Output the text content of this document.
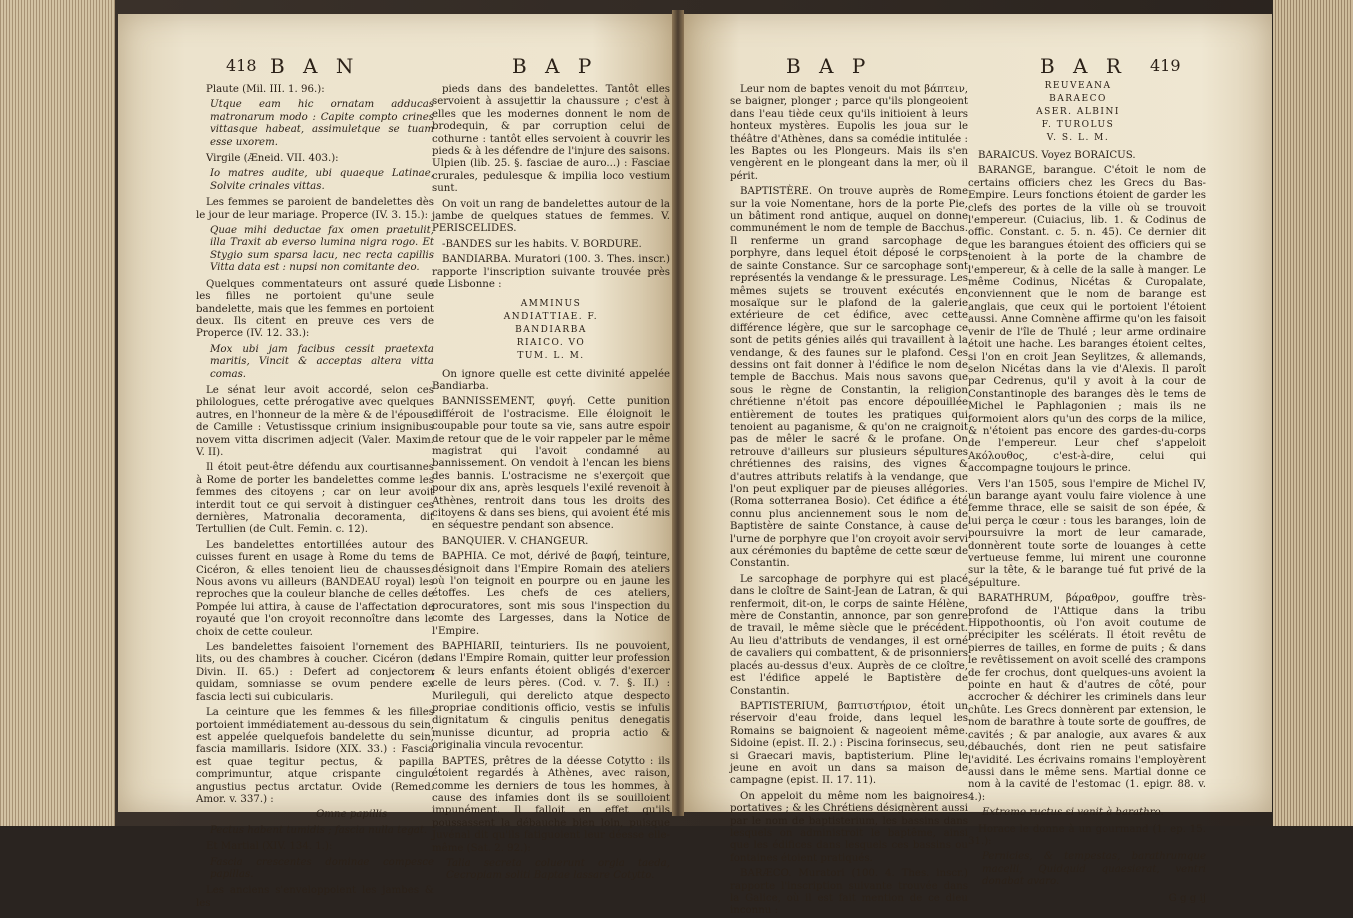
418 B A N	B A P	B A P	B A R 419

Plaute (Mil. III. 1. 96.):

Utque eam hic ornatam adducas matronarum modo : Capite compto crines vittasque habeat, assimuletque se tuam esse uxorem.

Virgile (Æneid. VII. 403.):

Io matres audite, ubi quaeque Latinae, Solvite crinales vittas.

Les femmes se paroient de bandelettes dès le jour de leur mariage. Properce (IV. 3. 15.):

Quae mihi deductae fax omen praetulit, illa Traxit ab everso lumina nigra rogo. Et Stygio sum sparsa lacu, nec recta capillis Vitta data est : nupsi non comitante deo.

Quelques commentateurs ont assuré que les filles ne portoient qu'une seule bandelette, mais que les femmes en portoient deux. Ils citent en preuve ces vers de Properce (IV. 12. 33.):

Mox ubi jam facibus cessit praetexta maritis, Vincit & acceptas altera vitta comas.

Le sénat leur avoit accordé, selon ces philologues, cette prérogative avec quelques autres, en l'honneur de la mère & de l'épouse de Camille : Vetustissque crinium insignibus novem vitta discrimen adjecit (Valer. Maxim. V. II).

Il étoit peut-être défendu aux courtisannes à Rome de porter les bandelettes comme les femmes des citoyens ; car on leur avoit interdit tout ce qui servoit à distinguer ces dernières, Matronalia decoramenta, dit Tertullien (de Cult. Femin. c. 12).

Les bandelettes entortillées autour des cuisses furent en usage à Rome du tems de Cicéron, & elles tenoient lieu de chausses. Nous avons vu ailleurs (BANDEAU royal) les reproches que la couleur blanche de celles de Pompée lui attira, à cause de l'affectation de royauté que l'on croyoit reconnoître dans le choix de cette couleur.

Les bandelettes faisoient l'ornement des lits, ou des chambres à coucher. Cicéron (de Divin. II. 65.) : Defert ad conjectorem quidam, somniasse se ovum pendere ex fascia lecti sui cubicularis.

La ceinture que les femmes & les filles portoient immédiatement au-dessous du sein, est appelée quelquefois bandelette du sein, fascia mamillaris. Isidore (XIX. 33.) : Fascia est quae tegitur pectus, & papilla comprimuntur, atque crispante cingulo angustius pectus arctatur. Ovide (Remed. Amor. v. 337.) :

Omne papillis

Pectus habent tumidis ; fascia nulla tegat.

Et Martial (XIV. 134. 1.):

Fascia crescentes dominae compesce papillas.

Les anciens s'enveloppoient les jambes & les

pieds dans des bandelettes. Tantôt elles servoient à assujettir la chaussure ; c'est à elles que les modernes donnent le nom de brodequin, & par corruption celui de cothurne : tantôt elles servoient à couvrir les pieds & à les défendre de l'injure des saisons. Ulpien (lib. 25. §. fasciae de auro...) : Fasciae crurales, pedulesque & impilia loco vestium sunt.

On voit un rang de bandelettes autour de la jambe de quelques statues de femmes. V. PERISCELIDES.

-BANDES sur les habits. V. BORDURE.

BANDIARBA. Muratori (100. 3. Thes. inscr.) rapporte l'inscription suivante trouvée près de Lisbonne :

AMMINUS
ANDIATTIAE. F.
BANDIARBA
RIAICO. VO
TUM. L. M.

On ignore quelle est cette divinité appelée Bandiarba.

BANNISSEMENT, φυγή. Cette punition différoit de l'ostracisme. Elle éloignoit le coupable pour toute sa vie, sans autre espoir de retour que de le voir rappeler par le même magistrat qui l'avoit condamné au bannissement. On vendoit à l'encan les biens des bannis. L'ostracisme ne s'exerçoit que pour dix ans, après lesquels l'exilé revenoit à Athènes, rentroit dans tous les droits des citoyens & dans ses biens, qui avoient été mis en séquestre pendant son absence.

BANQUIER. V. CHANGEUR.

BAPHIA. Ce mot, dérivé de βαφή, teinture, désignoit dans l'Empire Romain des ateliers où l'on teignoit en pourpre ou en jaune les étoffes. Les chefs de ces ateliers, procuratores, sont mis sous l'inspection du comte des Largesses, dans la Notice de l'Empire.

BAPHIARII, teinturiers. Ils ne pouvoient, dans l'Empire Romain, quitter leur profession ; & leurs enfants étoient obligés d'exercer celle de leurs pères. (Cod. v. 7. §. II.) : Murileguli, qui derelicto atque despecto propriae conditionis officio, vestis se infulis dignitatum & cingulis penitus denegatis munisse dicuntur, ad propria actio & originalia vincula revocentur.

BAPTES, prêtres de la déesse Cotytto : ils étoient regardés à Athènes, avec raison, comme les derniers de tous les hommes, à cause des infamies dont ils se souilloient impunément. Il falloit en effet qu'ils poussassent la débauche bien loin, puisque Juvénal dit qu'ils fatiguoient leur déesse elle-même (Sat. 2. 92.):

Talia secreta coluerunt orgia taeda, Cecropiam soliti Baptae lassare Cotytto.

REUVEANA
BARAECO
ASER. ALBINI
F. TUROLUS
V. S. L. M.

Leur nom de baptes venoit du mot βάπτειν, se baigner, plonger ; parce qu'ils plongeoient dans l'eau tiède ceux qu'ils initioient à leurs honteux mystères. Eupolis les joua sur le théâtre d'Athènes, dans sa comédie intitulée : les Baptes ou les Plongeurs. Mais ils s'en vengèrent en le plongeant dans la mer, où il périt.

BAPTISTÈRE. On trouve auprès de Rome sur la voie Nomentane, hors de la porte Pie, un bâtiment rond antique, auquel on donne communément le nom de temple de Bacchus. Il renferme un grand sarcophage de porphyre, dans lequel étoit déposé le corps de sainte Constance. Sur ce sarcophage sont représentés la vendange & le pressurage. Les mêmes sujets se trouvent exécutés en mosaïque sur le plafond de la galerie extérieure de cet édifice, avec cette différence légère, que sur le sarcophage ce sont de petits génies ailés qui travaillent à la vendange, & des faunes sur le plafond. Ces dessins ont fait donner à l'édifice le nom de temple de Bacchus. Mais nous savons que sous le règne de Constantin, la religion chrétienne n'étoit pas encore dépouillée entièrement de toutes les pratiques qui tenoient au paganisme, & qu'on ne craignoit pas de mêler le sacré & le profane. On retrouve d'ailleurs sur plusieurs sépultures chrétiennes des raisins, des vignes & d'autres attributs relatifs à la vendange, que l'on peut expliquer par de pieuses allégories. (Roma sotterranea Bosio). Cet édifice a été connu plus anciennement sous le nom de Baptistère de sainte Constance, à cause de l'urne de porphyre que l'on croyoit avoir servi aux cérémonies du baptême de cette sœur de Constantin.

Le sarcophage de porphyre qui est placé dans le cloître de Saint-Jean de Latran, & qui renfermoit, dit-on, le corps de sainte Hélène, mère de Constantin, annonce, par son genre de travail, le même siècle que le précédent. Au lieu d'attributs de vendanges, il est orné de cavaliers qui combattent, & de prisonniers placés au-dessus d'eux. Auprès de ce cloître, est l'édifice appelé le Baptistère de Constantin.

BAPTISTERIUM, βαπτιστήριον, étoit un réservoir d'eau froide, dans lequel les Romains se baignoient & nageoient même. Sidoine (epist. II. 2.) : Piscina forinsecus, seu, si Graecari mavis, baptisterium. Pline le jeune en avoit un dans sa maison de campagne (epist. II. 17. 11).

On appeloit du même nom les baignoires portatives ; & les Chrétiens désignèrent aussi par le nom de baptisterium, les bassins dans lesquels on administroit le baptême, ainsi que les édifices dans lesquels ces bassins ou fontaines étoient pratiqués.

BARÆCO. Muratori (100. 4. Thes. inscr.) rapporte l'inscription suivante trouvée dans la Galice, où il est fait mention de ce dieu inconnu :

BARAICUS. Voyez BORAICUS.

BARANGE, barangue. C'étoit le nom de certains officiers chez les Grecs du Bas-Empire. Leurs fonctions étoient de garder les clefs des portes de la ville où se trouvoit l'empereur. (Cuiacius, lib. 1. & Codinus de offic. Constant. c. 5. n. 45). Ce dernier dit que les barangues étoient des officiers qui se tenoient à la porte de la chambre de l'empereur, & à celle de la salle à manger. Le même Codinus, Nicétas & Curopalate, conviennent que le nom de barange est anglais, que ceux qui le portoient l'étoient aussi. Anne Comnène affirme qu'on les faisoit venir de l'île de Thulé ; leur arme ordinaire étoit une hache. Les baranges étoient celtes, si l'on en croit Jean Seylitzes, & allemands, selon Nicétas dans la vie d'Alexis. Il paroît par Cedrenus, qu'il y avoit à la cour de Constantinople des baranges dès le tems de Michel le Paphlagonien ; mais ils ne formoient alors qu'un des corps de la milice, & n'étoient pas encore des gardes-du-corps de l'empereur. Leur chef s'appeloit Ακόλουθος, c'est-à-dire, celui qui accompagne toujours le prince.

Vers l'an 1505, sous l'empire de Michel IV, un barange ayant voulu faire violence à une femme thrace, elle se saisit de son épée, & lui perça le cœur : tous les baranges, loin de poursuivre la mort de leur camarade, donnèrent toute sorte de louanges à cette vertueuse femme, lui mirent une couronne sur la tête, & le barange tué fut privé de la sépulture.

BARATHRUM, βάραθρον, gouffre très-profond de l'Attique dans la tribu Hippothoontis, où l'on avoit coutume de précipiter les scélérats. Il étoit revêtu de pierres de tailles, en forme de puits ; & dans le revêtissement on avoit scellé des crampons de fer crochus, dont quelques-uns avoient la pointe en haut & d'autres de côté, pour accrocher & déchirer les criminels dans leur chûte. Les Grecs donnèrent par extension, le nom de barathre à toute sorte de gouffres, de cavités ; & par analogie, aux avares & aux débauchés, dont rien ne peut satisfaire l'avidité. Les écrivains romains l'employèrent aussi dans le même sens. Martial donne ce nom à la cavité de l'estomac (1. epigr. 88. v. 4.):

Extremo ructus si venit à barathro.

Horace le donne à un gourmand (1. ep. 15. 31.):

Pernicies, & tempestas, barathrumque macelli, Quidquid quaesierat, ventri donabat avaro.

G g g ij
